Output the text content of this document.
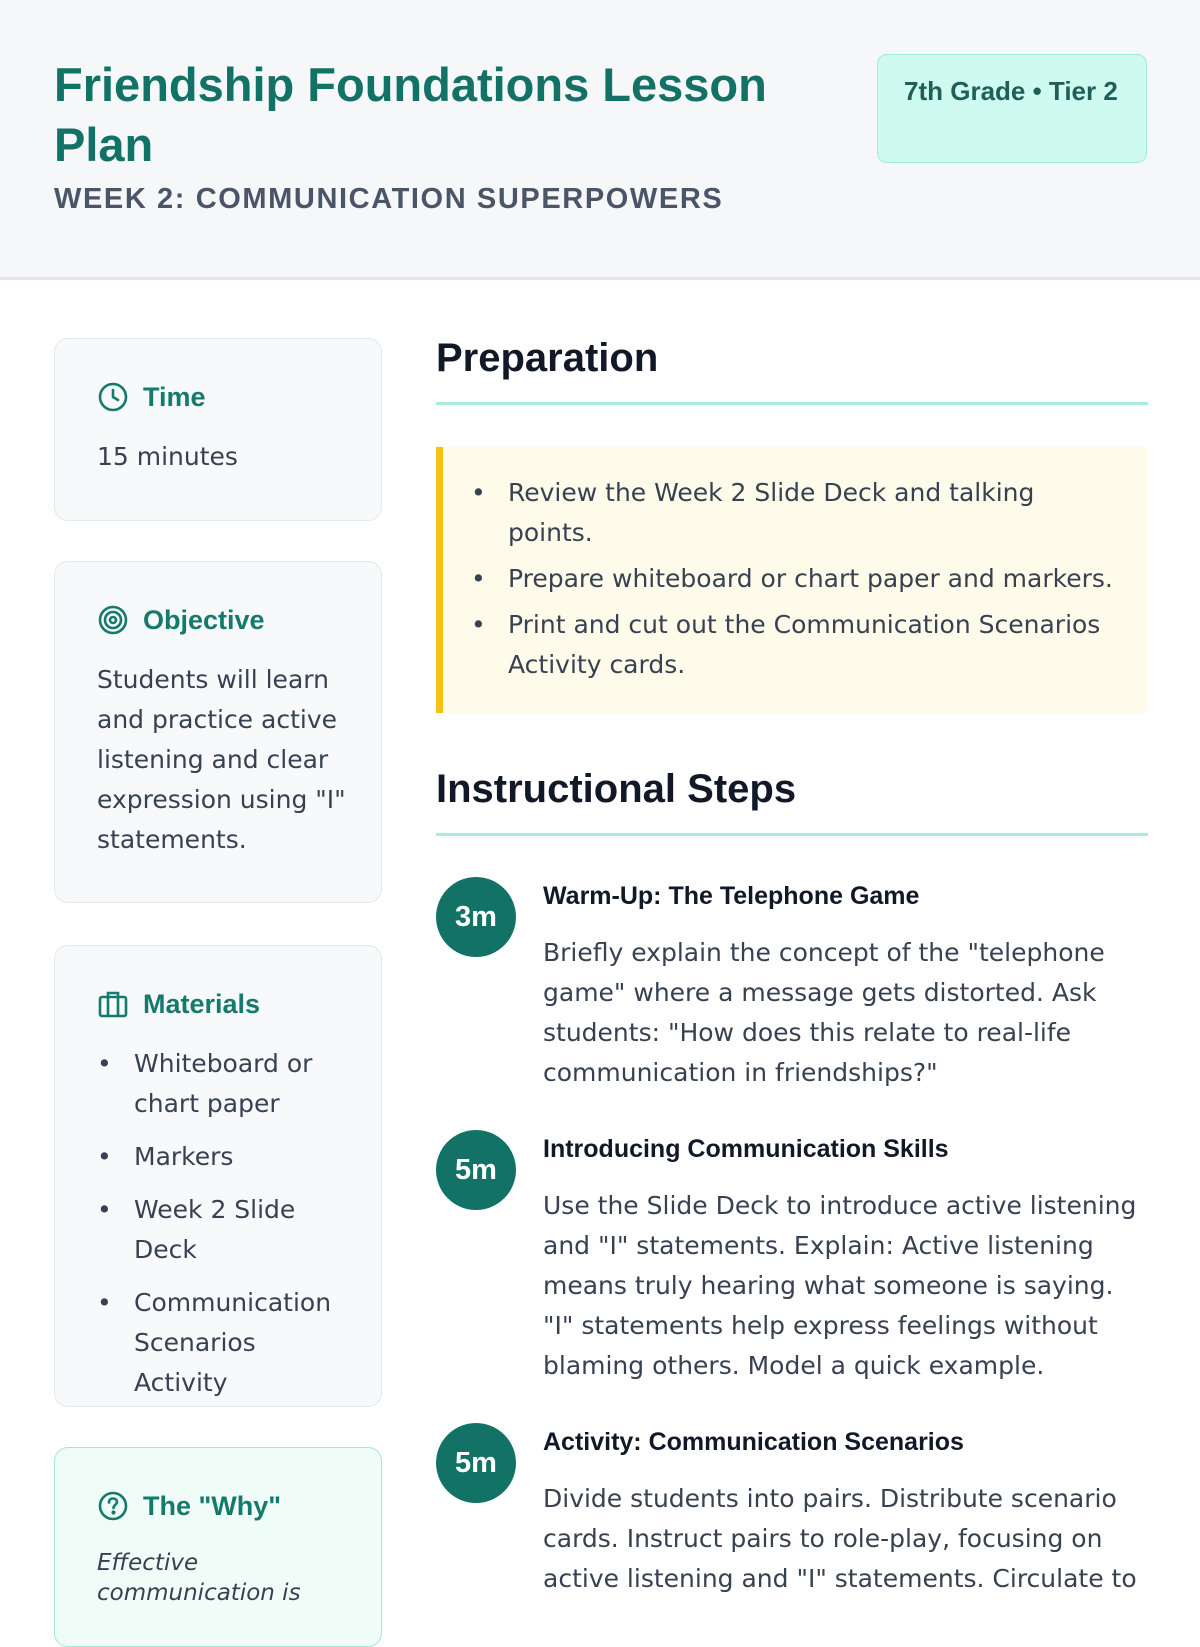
Friendship Foundations Lesson Plan
WEEK 2: COMMUNICATION SUPERPOWERS
7th Grade • Tier 2
Time
15 minutes
Objective
Students will learn and practice active listening and clear expression using "I" statements.
Materials
• Whiteboard or chart paper
• Markers
• Week 2 Slide Deck
• Communication Scenarios Activity
The "Why"
Effective communication is
Preparation
• Review the Week 2 Slide Deck and talking points.
• Prepare whiteboard or chart paper and markers.
• Print and cut out the Communication Scenarios Activity cards.
Instructional Steps
3m
Warm-Up: The Telephone Game
Briefly explain the concept of the "telephone game" where a message gets distorted. Ask students: "How does this relate to real-life communication in friendships?"
5m
Introducing Communication Skills
Use the Slide Deck to introduce active listening and "I" statements. Explain: Active listening means truly hearing what someone is saying. "I" statements help express feelings without blaming others. Model a quick example.
5m
Activity: Communication Scenarios
Divide students into pairs. Distribute scenario cards. Instruct pairs to role-play, focusing on active listening and "I" statements. Circulate to
